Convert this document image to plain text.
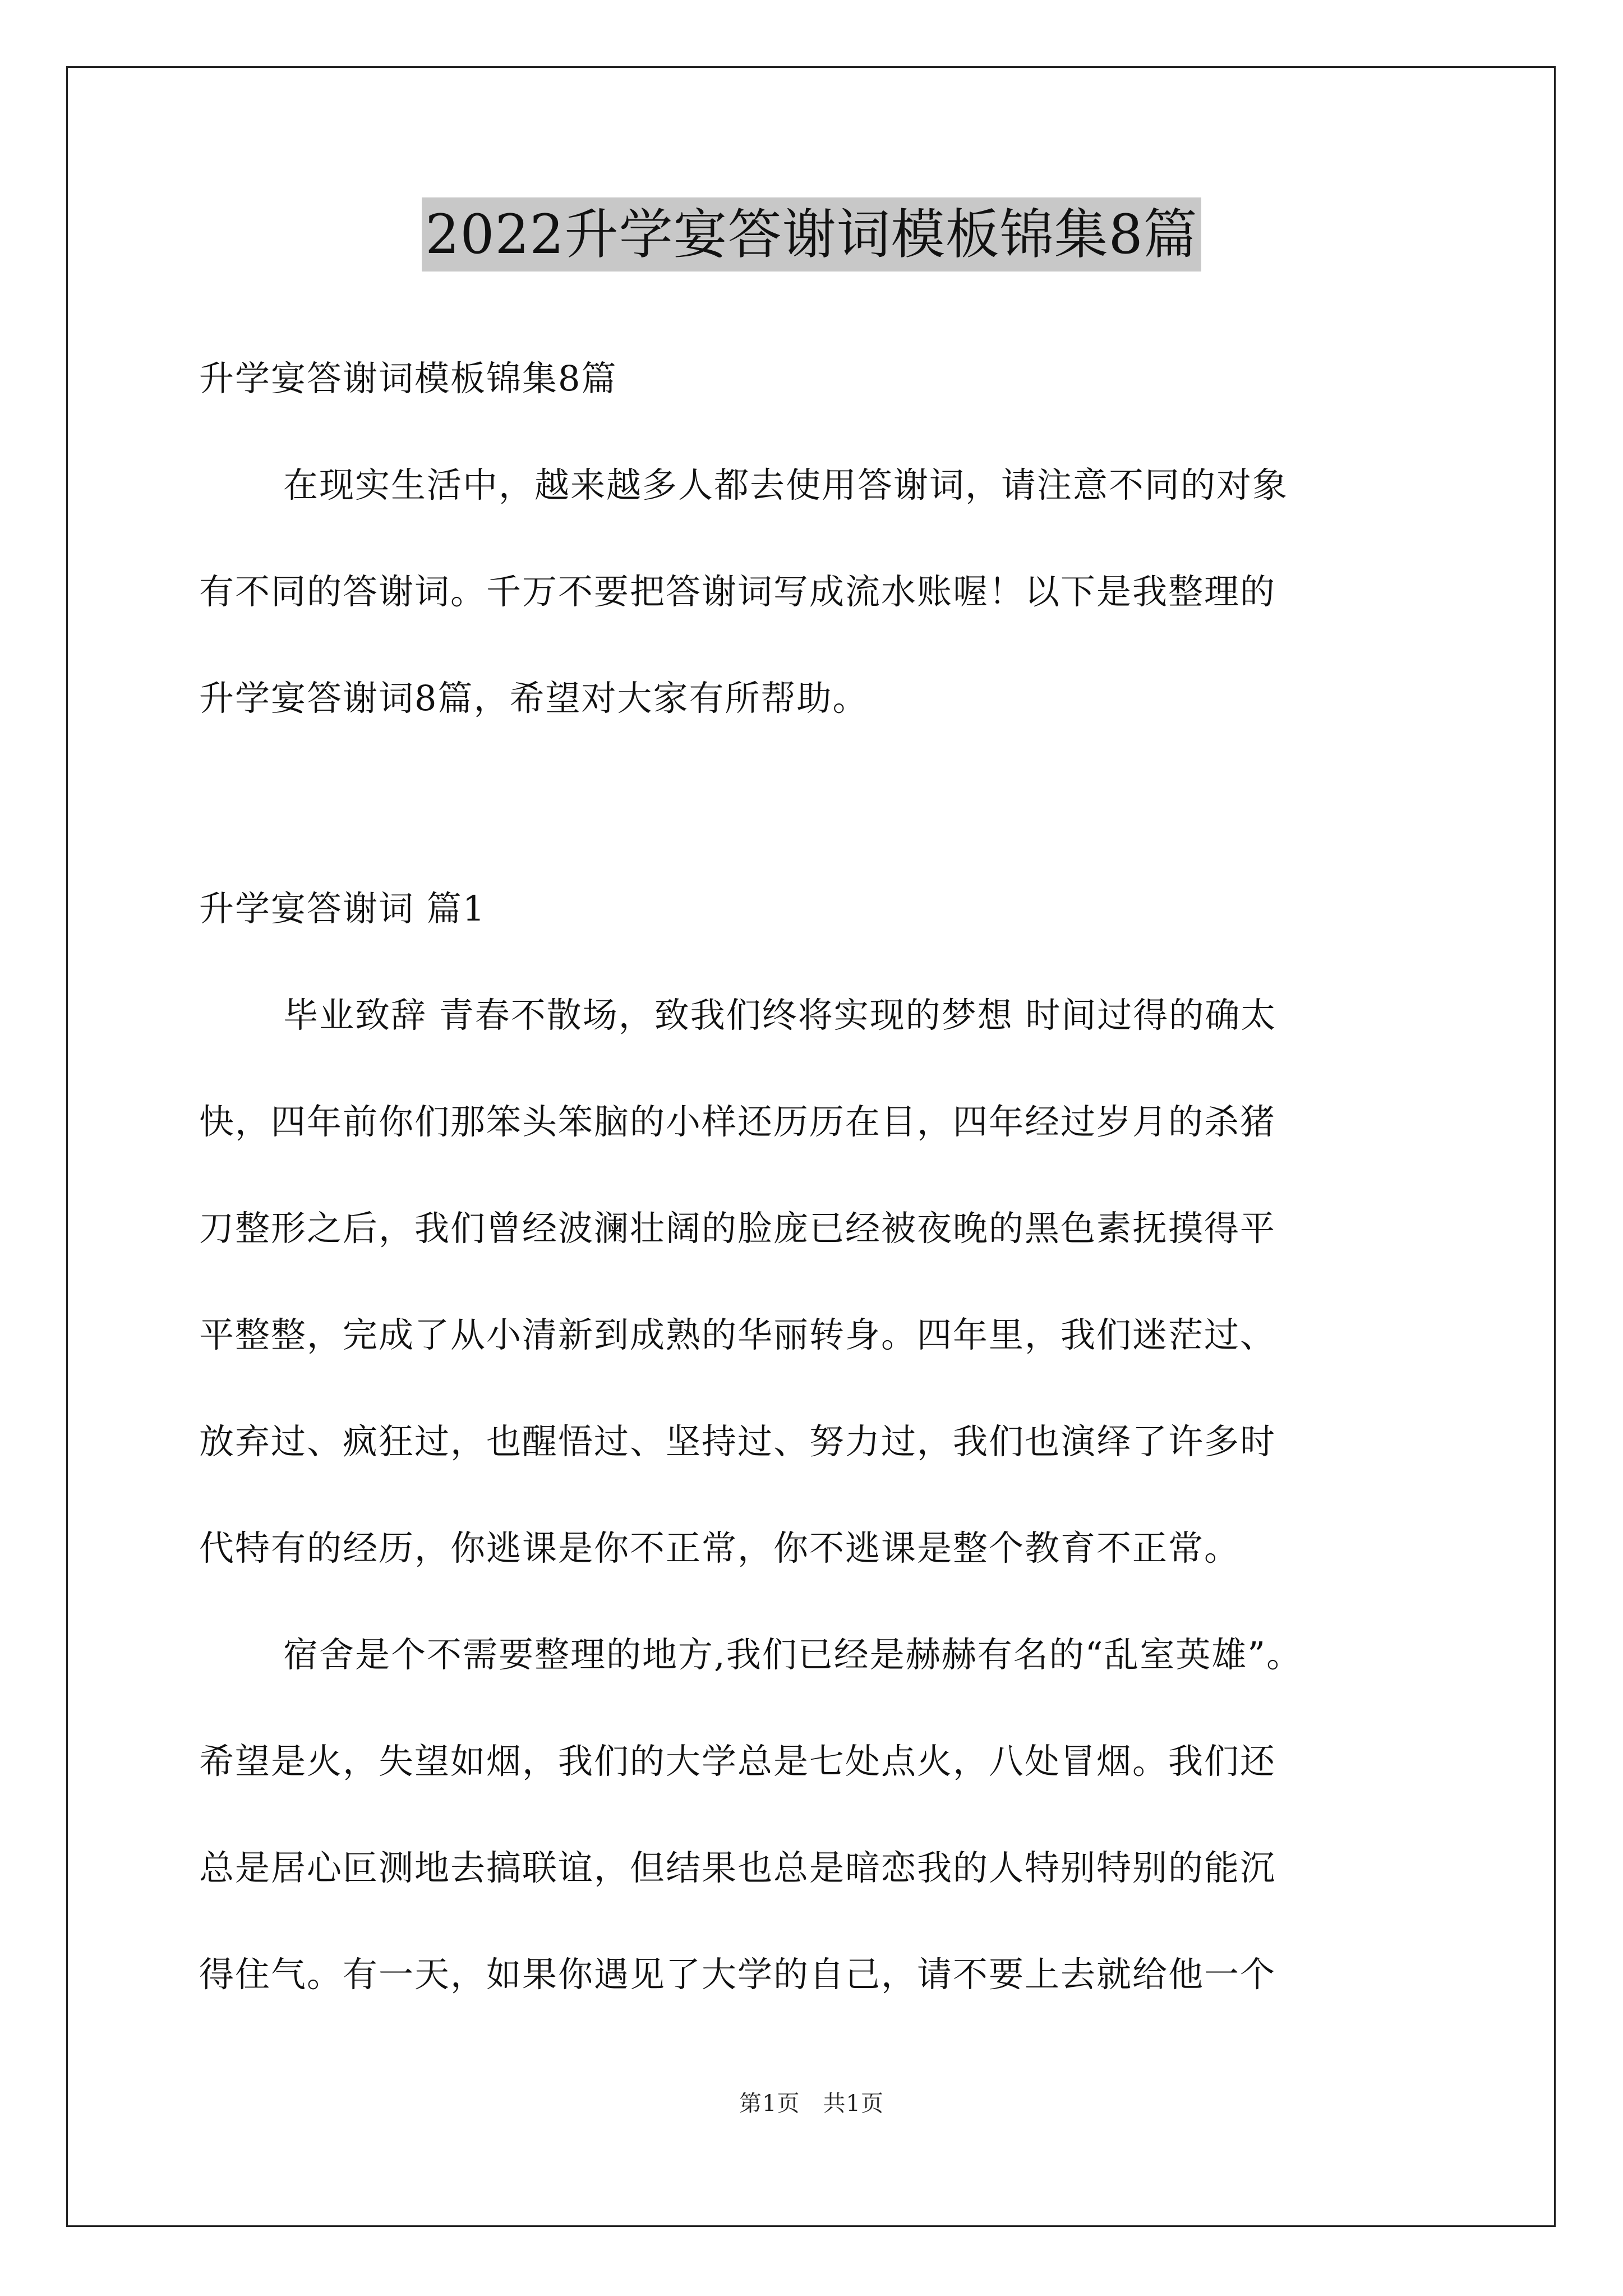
2022升学宴答谢词模板锦集8篇
升学宴答谢词模板锦集8篇
在现实生活中，越来越多人都去使用答谢词，请注意不同的对象
有不同的答谢词。千万不要把答谢词写成流水账喔！以下是我整理的
升学宴答谢词8篇，希望对大家有所帮助。
升学宴答谢词 篇1
毕业致辞 青春不散场，致我们终将实现的梦想 时间过得的确太
快，四年前你们那笨头笨脑的小样还历历在目，四年经过岁月的杀猪
刀整形之后，我们曾经波澜壮阔的脸庞已经被夜晚的黑色素抚摸得平
平整整，完成了从小清新到成熟的华丽转身。四年里，我们迷茫过、
放弃过、疯狂过，也醒悟过、坚持过、努力过，我们也演绎了许多时
代特有的经历，你逃课是你不正常，你不逃课是整个教育不正常。
宿舍是个不需要整理的地方,我们已经是赫赫有名的“乱室英雄”。
希望是火，失望如烟，我们的大学总是七处点火，八处冒烟。我们还
总是居心叵测地去搞联谊，但结果也总是暗恋我的人特别特别的能沉
得住气。有一天，如果你遇见了大学的自己，请不要上去就给他一个
第1页　共1页
